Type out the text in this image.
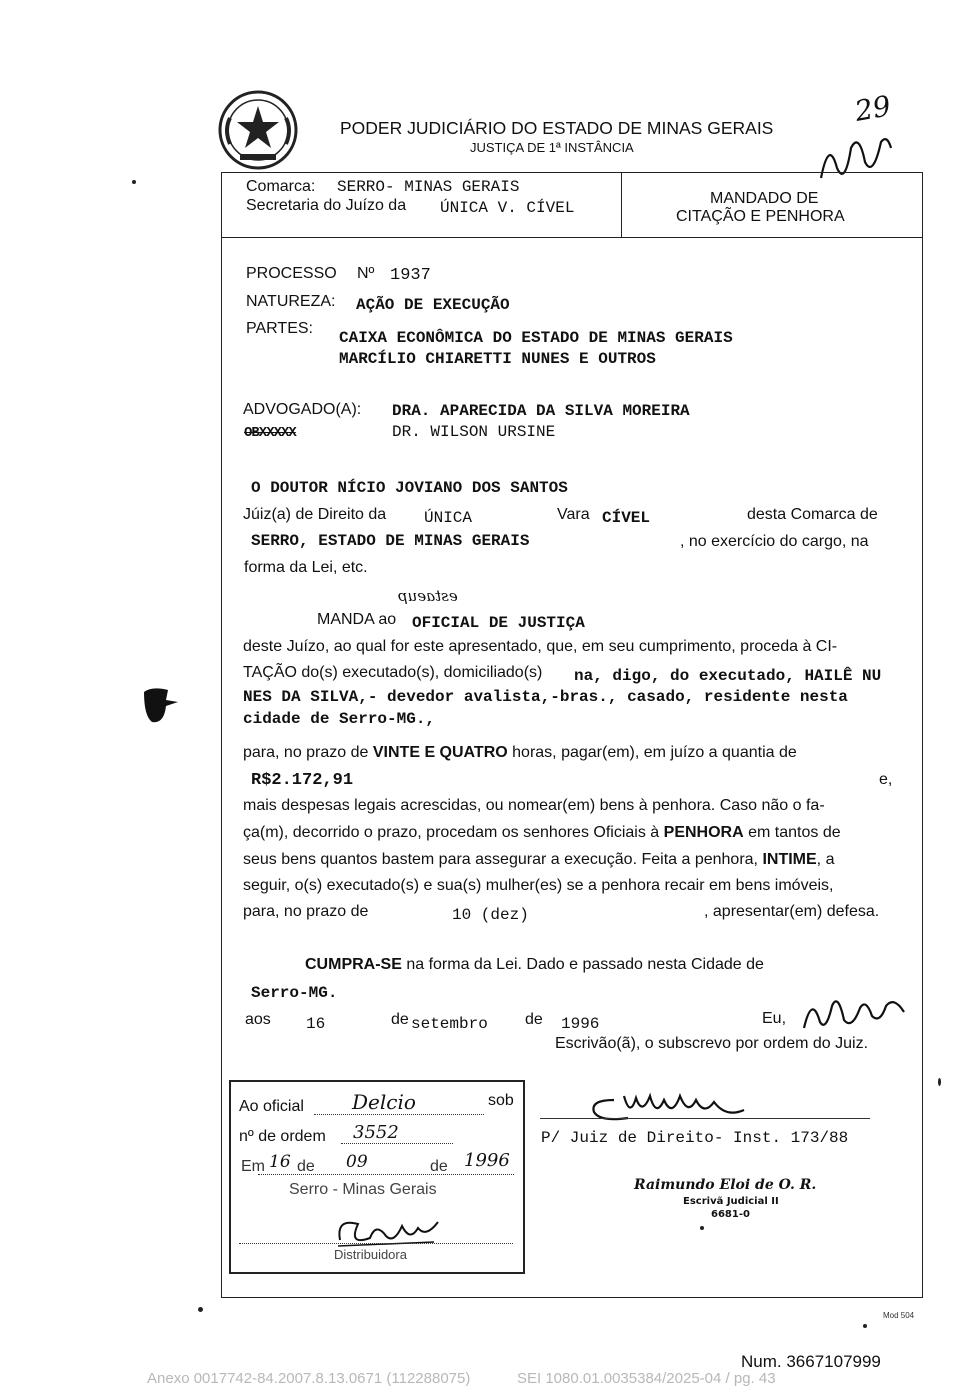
PODER JUDICIÁRIO DO ESTADO DE MINAS GERAIS
JUSTIÇA DE 1ª INSTÂNCIA
29
Comarca: SERRO- MINAS GERAIS
Secretaria do Juízo da ÚNICA V. CÍVEL
MANDADO DE
CITAÇÃO E PENHORA
PROCESSO Nº 1937
NATUREZA: AÇÃO DE EXECUÇÃO
PARTES:
CAIXA ECONÔMICA DO ESTADO DE MINAS GERAIS
MARCÍLIO CHIARETTI NUNES E OUTROS
ADVOGADO(A):
OBXXXXX
DRA. APARECIDA DA SILVA MOREIRA
DR. WILSON URSINE
O DOUTOR NÍCIO JOVIANO DOS SANTOS
Júiz(a) de Direito da ÚNICA	Vara CÍVEL	desta Comarca de
SERRO, ESTADO DE MINAS GERAIS	, no exercício do cargo, na
forma da Lei, etc.
estaeup
MANDA ao OFICIAL DE JUSTIÇA
deste Juízo, ao qual for este apresentado, que, em seu cumprimento, proceda à CI-
TAÇÃO do(s) executado(s), domiciliado(s) na, digo, do executado, HAILÊ NU
NES DA SILVA,- devedor avalista,-bras., casado, residente nesta
cidade de Serro-MG.,
para, no prazo de VINTE E QUATRO horas, pagar(em), em juízo a quantia de
R$2.172,91	e,
mais despesas legais acrescidas, ou nomear(em) bens à penhora. Caso não o fa-
ça(m), decorrido o prazo, procedam os senhores Oficiais à PENHORA em tantos de
seus bens quantos bastem para assegurar a execução. Feita a penhora, INTIME, a
seguir, o(s) executado(s) e sua(s) mulher(es) se a penhora recair em bens imóveis,
para, no prazo de	10 (dez)	, apresentar(em) defesa.
CUMPRA-SE na forma da Lei. Dado e passado nesta Cidade de
Serro-MG.
aos 16	de setembro de 1996	Eu,
Escrivão(ã), o subscrevo por ordem do Juiz.
Ao oficial Delcio	sob
nº de ordem 3552
Em 16 de 09	de 1996
Serro - Minas Gerais
Distribuidora
P/ Juiz de Direito- Inst. 173/88
Raimundo Eloi de O. R.
Escrivã Judicial II
6681-0
Mod 504
Num. 3667107999
Anexo 0017742-84.2007.8.13.0671 (112288075)	SEI 1080.01.0035384/2025-04 / pg. 43
